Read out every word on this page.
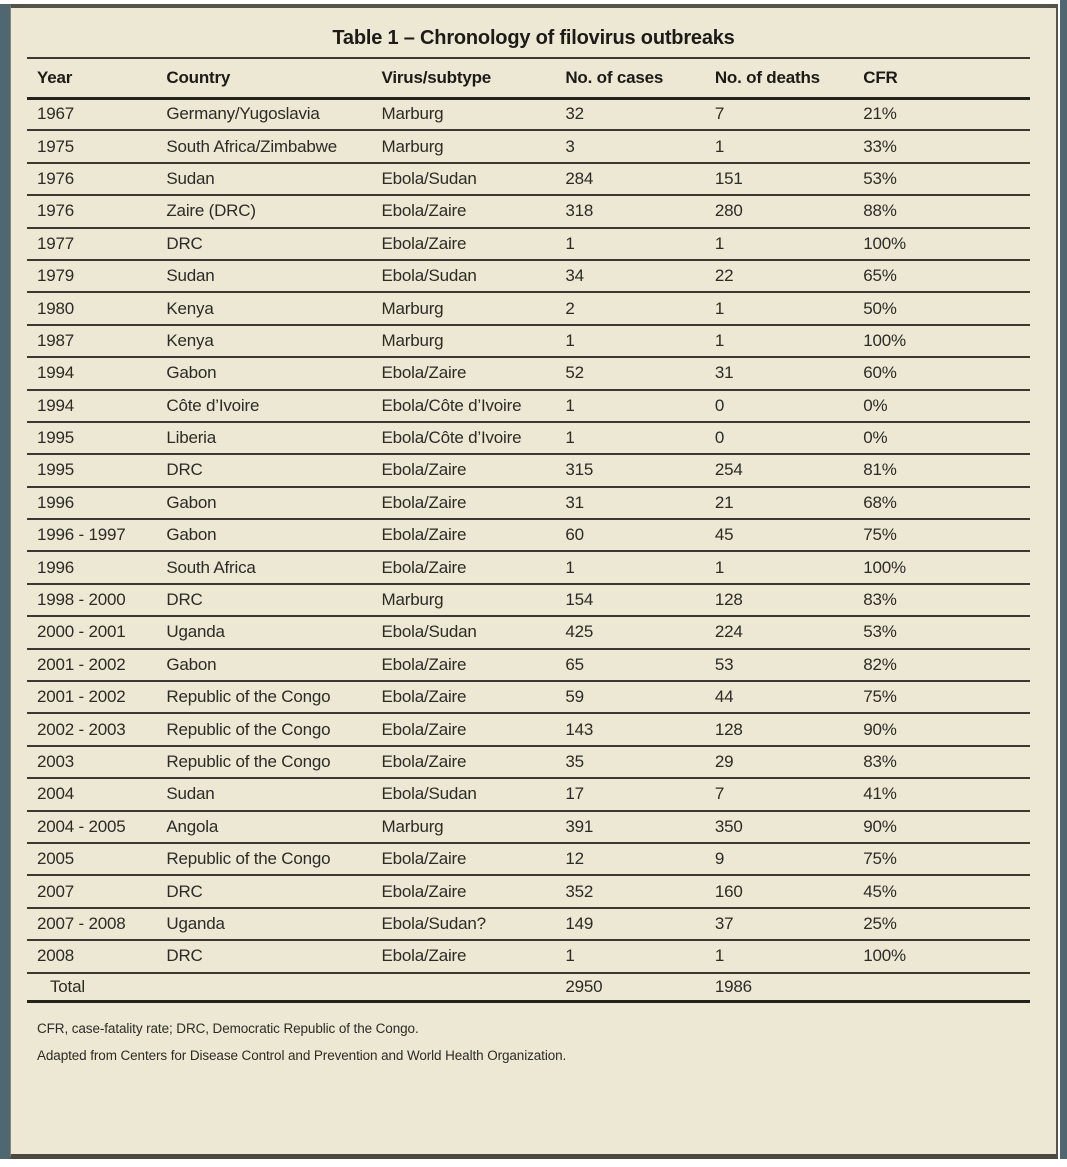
Table 1 – Chronology of filovirus outbreaks
Year	Country	Virus/subtype	No. of cases	No. of deaths	CFR
1967	Germany/Yugoslavia	Marburg	32	7	21%
1975	South Africa/Zimbabwe	Marburg	3	1	33%
1976	Sudan	Ebola/Sudan	284	151	53%
1976	Zaire (DRC)	Ebola/Zaire	318	280	88%
1977	DRC	Ebola/Zaire	1	1	100%
1979	Sudan	Ebola/Sudan	34	22	65%
1980	Kenya	Marburg	2	1	50%
1987	Kenya	Marburg	1	1	100%
1994	Gabon	Ebola/Zaire	52	31	60%
1994	Côte d’Ivoire	Ebola/Côte d’Ivoire	1	0	0%
1995	Liberia	Ebola/Côte d’Ivoire	1	0	0%
1995	DRC	Ebola/Zaire	315	254	81%
1996	Gabon	Ebola/Zaire	31	21	68%
1996 - 1997	Gabon	Ebola/Zaire	60	45	75%
1996	South Africa	Ebola/Zaire	1	1	100%
1998 - 2000	DRC	Marburg	154	128	83%
2000 - 2001	Uganda	Ebola/Sudan	425	224	53%
2001 - 2002	Gabon	Ebola/Zaire	65	53	82%
2001 - 2002	Republic of the Congo	Ebola/Zaire	59	44	75%
2002 - 2003	Republic of the Congo	Ebola/Zaire	143	128	90%
2003	Republic of the Congo	Ebola/Zaire	35	29	83%
2004	Sudan	Ebola/Sudan	17	7	41%
2004 - 2005	Angola	Marburg	391	350	90%
2005	Republic of the Congo	Ebola/Zaire	12	9	75%
2007	DRC	Ebola/Zaire	352	160	45%
2007 - 2008	Uganda	Ebola/Sudan?	149	37	25%
2008	DRC	Ebola/Zaire	1	1	100%
Total			2950	1986	
CFR, case-fatality rate; DRC, Democratic Republic of the Congo.
Adapted from Centers for Disease Control and Prevention and World Health Organization.
